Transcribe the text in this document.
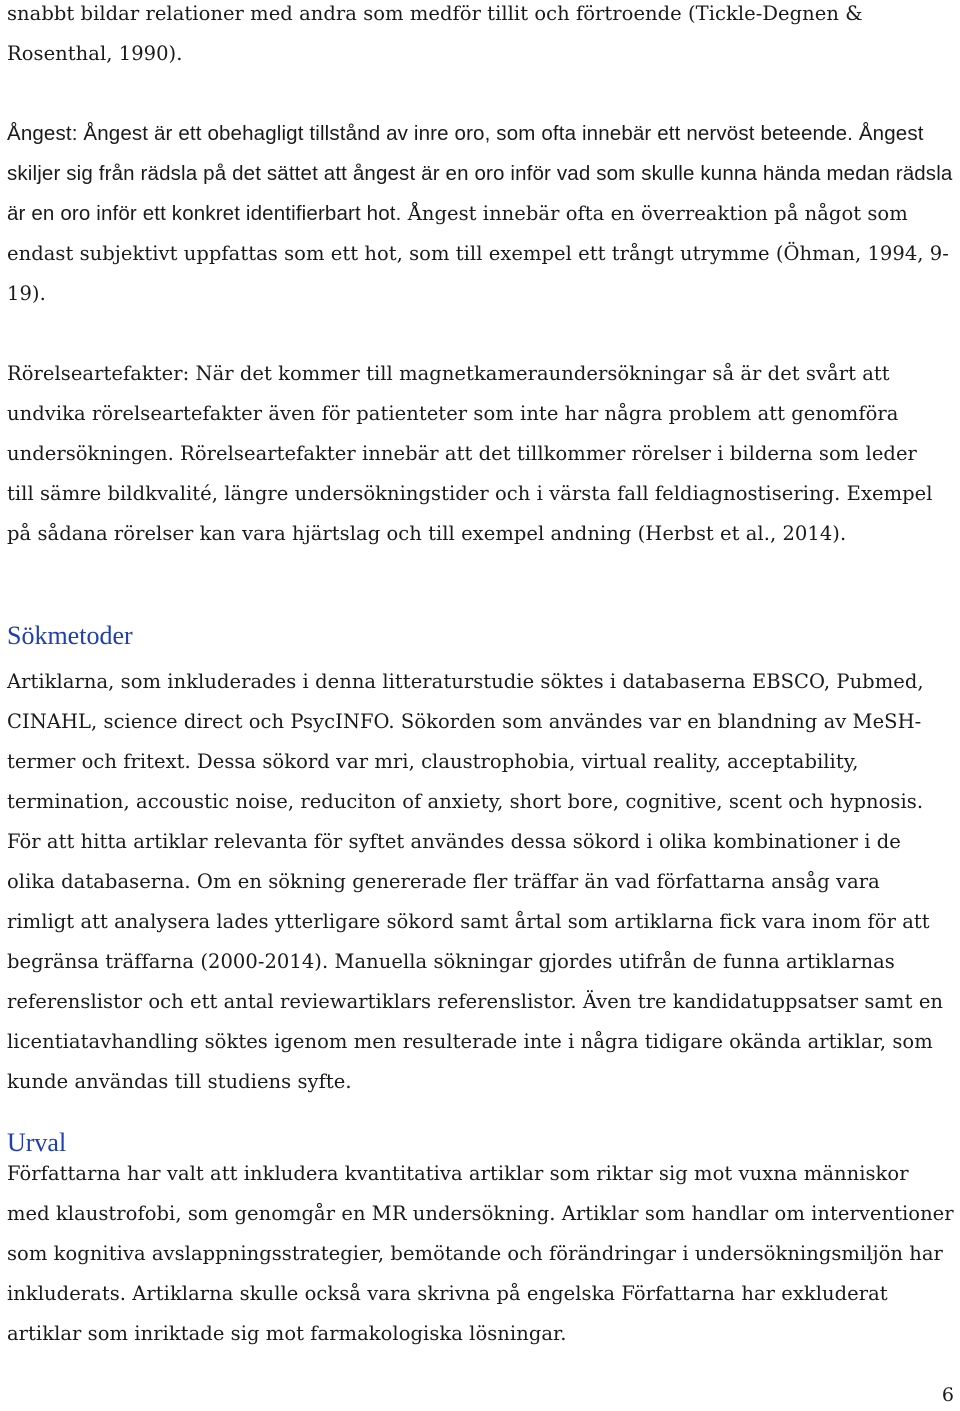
snabbt bildar relationer med andra som medför tillit och förtroende (Tickle-Degnen & Rosenthal, 1990).

Ångest: Ångest är ett obehagligt tillstånd av inre oro, som ofta innebär ett nervöst beteende. Ångest skiljer sig från rädsla på det sättet att ångest är en oro inför vad som skulle kunna hända medan rädsla är en oro inför ett konkret identifierbart hot. Ångest innebär ofta en överreaktion på något som endast subjektivt uppfattas som ett hot, som till exempel ett trångt utrymme (Öhman, 1994, 9-19).

Rörelseartefakter: När det kommer till magnetkameraundersökningar så är det svårt att undvika rörelseartefakter även för patienteter som inte har några problem att genomföra undersökningen. Rörelseartefakter innebär att det tillkommer rörelser i bilderna som leder till sämre bildkvalité, längre undersökningstider och i värsta fall feldiagnostisering. Exempel på sådana rörelser kan vara hjärtslag och till exempel andning (Herbst et al., 2014).

Sökmetoder

Artiklarna, som inkluderades i denna litteraturstudie söktes i databaserna EBSCO, Pubmed, CINAHL, science direct och PsycINFO. Sökorden som användes var en blandning av MeSH-termer och fritext. Dessa sökord var mri, claustrophobia, virtual reality, acceptability, termination, accoustic noise, reduciton of anxiety, short bore, cognitive, scent och hypnosis. För att hitta artiklar relevanta för syftet användes dessa sökord i olika kombinationer i de olika databaserna. Om en sökning genererade fler träffar än vad författarna ansåg vara rimligt att analysera lades ytterligare sökord samt årtal som artiklarna fick vara inom för att begränsa träffarna (2000-2014). Manuella sökningar gjordes utifrån de funna artiklarnas referenslistor och ett antal reviewartiklars referenslistor. Även tre kandidatuppsatser samt en licentiatavhandling söktes igenom men resulterade inte i några tidigare okända artiklar, som kunde användas till studiens syfte.

Urval

Författarna har valt att inkludera kvantitativa artiklar som riktar sig mot vuxna människor med klaustrofobi, som genomgår en MR undersökning. Artiklar som handlar om interventioner som kognitiva avslappningsstrategier, bemötande och förändringar i undersökningsmiljön har inkluderats. Artiklarna skulle också vara skrivna på engelska Författarna har exkluderat artiklar som inriktade sig mot farmakologiska lösningar.

6
